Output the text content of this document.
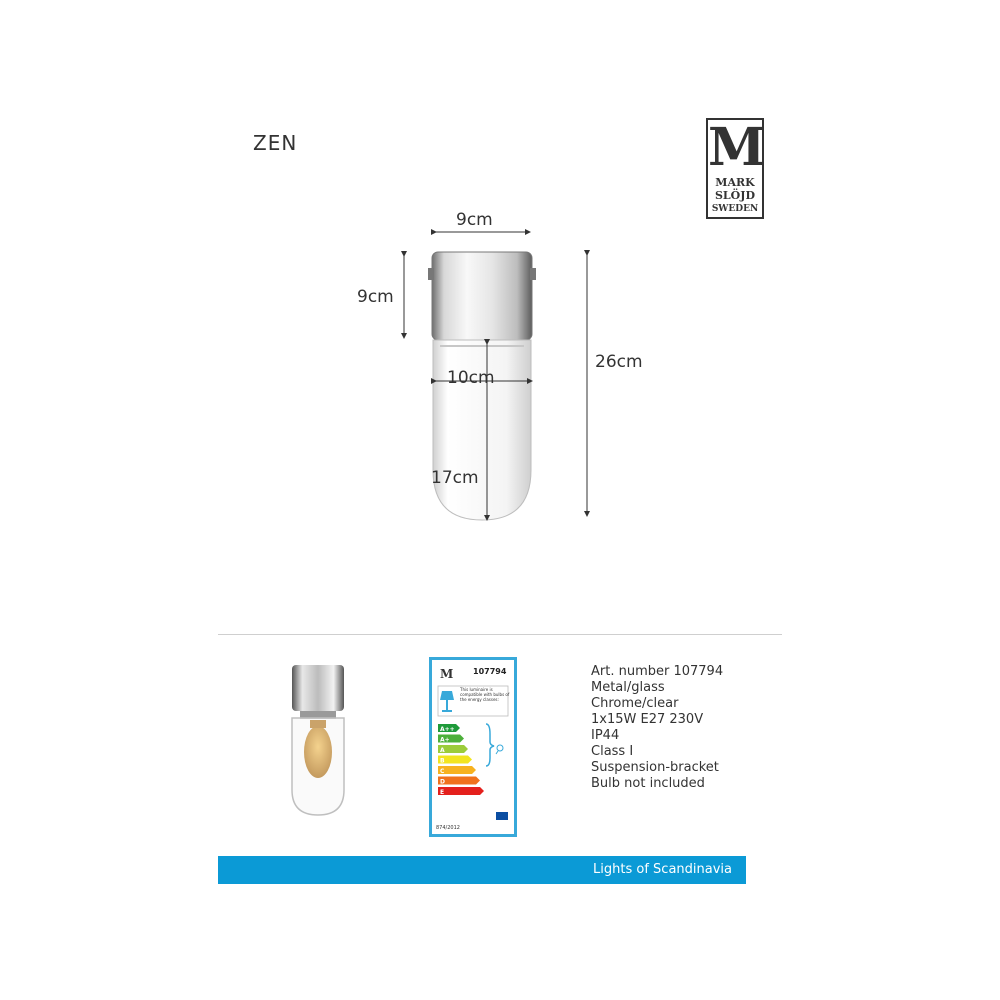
ZEN	M
MARK
SLÖJD
SWEDEN
9cm
9cm
10cm
17cm
26cm
M
A++
A+
A
B
C
D
E
107794
This luminaire is compatible with bulbs of the energy classes:
874/2012
Art. number 107794
Metal/glass
Chrome/clear
1x15W E27 230V
IP44
Class I
Suspension-bracket
Bulb not included
Lights of Scandinavia
